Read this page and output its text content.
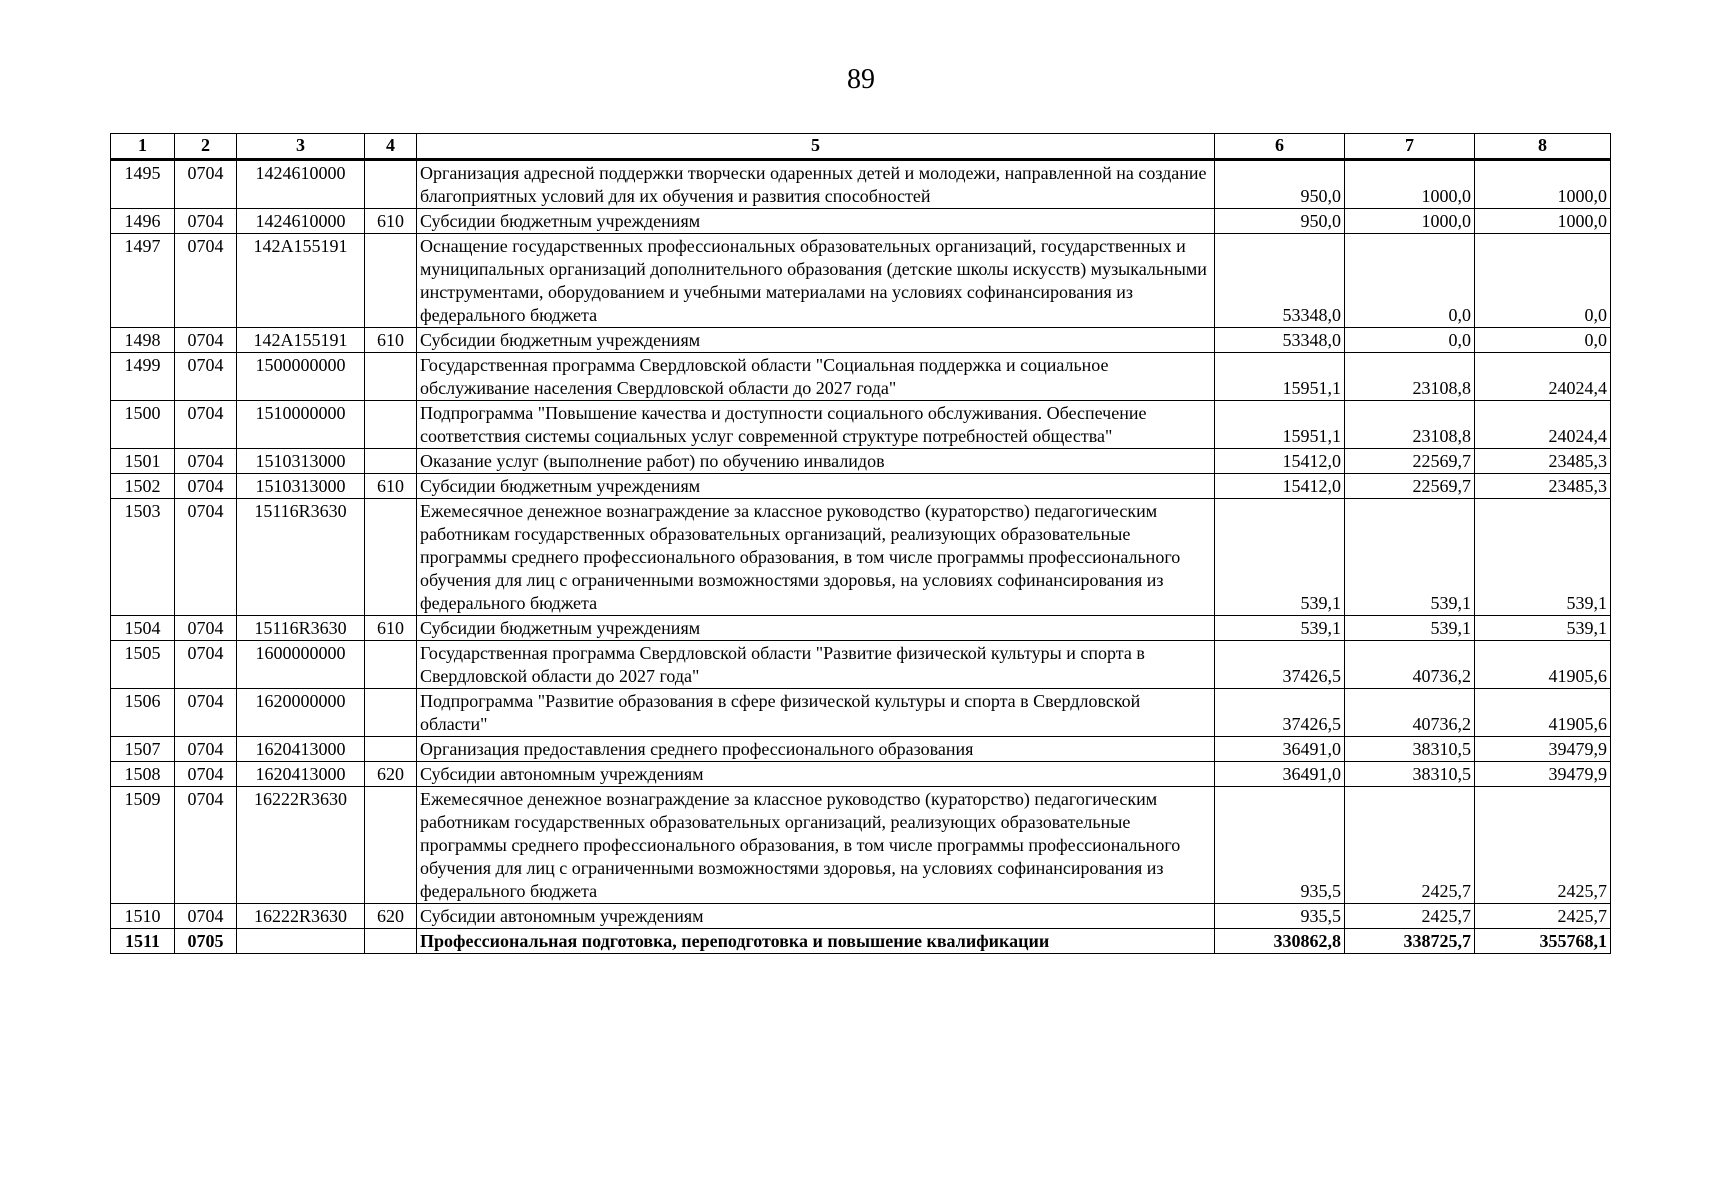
89
1	2	3	4	5	6	7	8
1495	0704	1424610000		Организация адресной поддержки творчески одаренных детей и молодежи, направленной на создание благоприятных условий для их обучения и развития способностей	950,0	1000,0	1000,0
1496	0704	1424610000	610	Субсидии бюджетным учреждениям	950,0	1000,0	1000,0
1497	0704	142А155191		Оснащение государственных профессиональных образовательных организаций, государственных и муниципальных организаций дополнительного образования (детские школы искусств) музыкальными инструментами, оборудованием и учебными материалами на условиях софинансирования из федерального бюджета	53348,0	0,0	0,0
1498	0704	142А155191	610	Субсидии бюджетным учреждениям	53348,0	0,0	0,0
1499	0704	1500000000		Государственная программа Свердловской области "Социальная поддержка и социальное обслуживание населения Свердловской области до 2027 года"	15951,1	23108,8	24024,4
1500	0704	1510000000		Подпрограмма "Повышение качества и доступности социального обслуживания. Обеспечение соответствия системы социальных услуг современной структуре потребностей общества"	15951,1	23108,8	24024,4
1501	0704	1510313000		Оказание услуг (выполнение работ) по обучению инвалидов	15412,0	22569,7	23485,3
1502	0704	1510313000	610	Субсидии бюджетным учреждениям	15412,0	22569,7	23485,3
1503	0704	15116R3630		Ежемесячное денежное вознаграждение за классное руководство (кураторство) педагогическим работникам государственных образовательных организаций, реализующих образовательные программы среднего профессионального образования, в том числе программы профессионального обучения для лиц с ограниченными возможностями здоровья, на условиях софинансирования из федерального бюджета	539,1	539,1	539,1
1504	0704	15116R3630	610	Субсидии бюджетным учреждениям	539,1	539,1	539,1
1505	0704	1600000000		Государственная программа Свердловской области "Развитие физической культуры и спорта в Свердловской области до 2027 года"	37426,5	40736,2	41905,6
1506	0704	1620000000		Подпрограмма "Развитие образования в сфере физической культуры и спорта в Свердловской области"	37426,5	40736,2	41905,6
1507	0704	1620413000		Организация предоставления среднего профессионального образования	36491,0	38310,5	39479,9
1508	0704	1620413000	620	Субсидии автономным учреждениям	36491,0	38310,5	39479,9
1509	0704	16222R3630		Ежемесячное денежное вознаграждение за классное руководство (кураторство) педагогическим работникам государственных образовательных организаций, реализующих образовательные программы среднего профессионального образования, в том числе программы профессионального обучения для лиц с ограниченными возможностями здоровья, на условиях софинансирования из федерального бюджета	935,5	2425,7	2425,7
1510	0704	16222R3630	620	Субсидии автономным учреждениям	935,5	2425,7	2425,7
1511	0705			Профессиональная подготовка, переподготовка и повышение квалификации	330862,8	338725,7	355768,1
